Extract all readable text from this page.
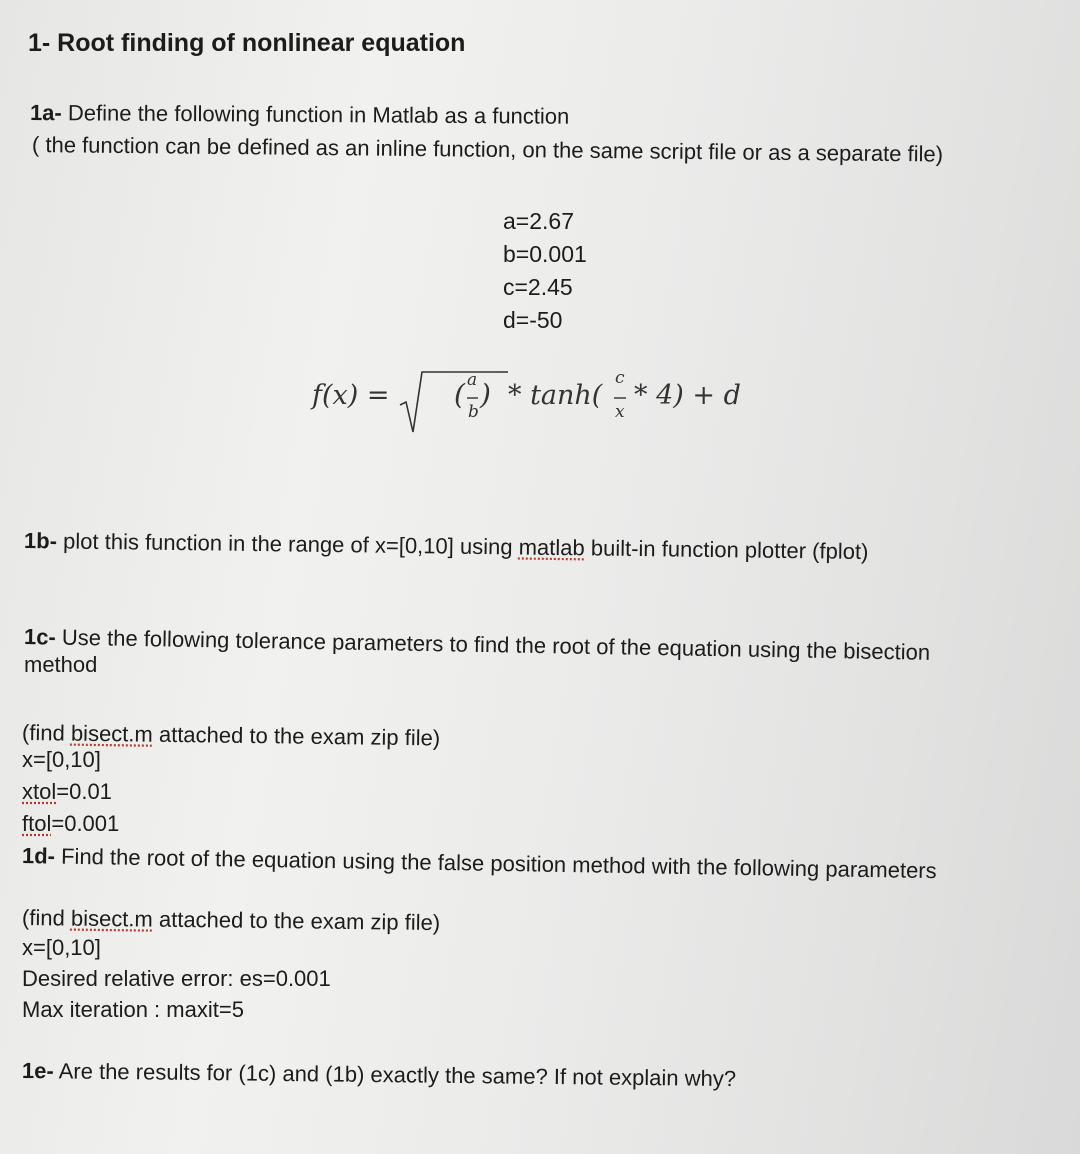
1- Root finding of nonlinear equation
1a- Define the following function in Matlab as a function
( the function can be defined as an inline function, on the same script file or as a separate file)
a=2.67
b=0.001
c=2.45
d=-50
f(x) = ( a
b
) * tanh(
c
x
* 4) + d
1b- plot this function in the range of x=[0,10] using matlab built-in function plotter (fplot)
1c- Use the following tolerance parameters to find the root of the equation using the bisection
method
(find bisect.m attached to the exam zip file)
x=[0,10]
xtol=0.01
ftol=0.001
1d- Find the root of the equation using the false position method with the following parameters
(find bisect.m attached to the exam zip file)
x=[0,10]
Desired relative error: es=0.001
Max iteration : maxit=5
1e- Are the results for (1c) and (1b) exactly the same? If not explain why?
